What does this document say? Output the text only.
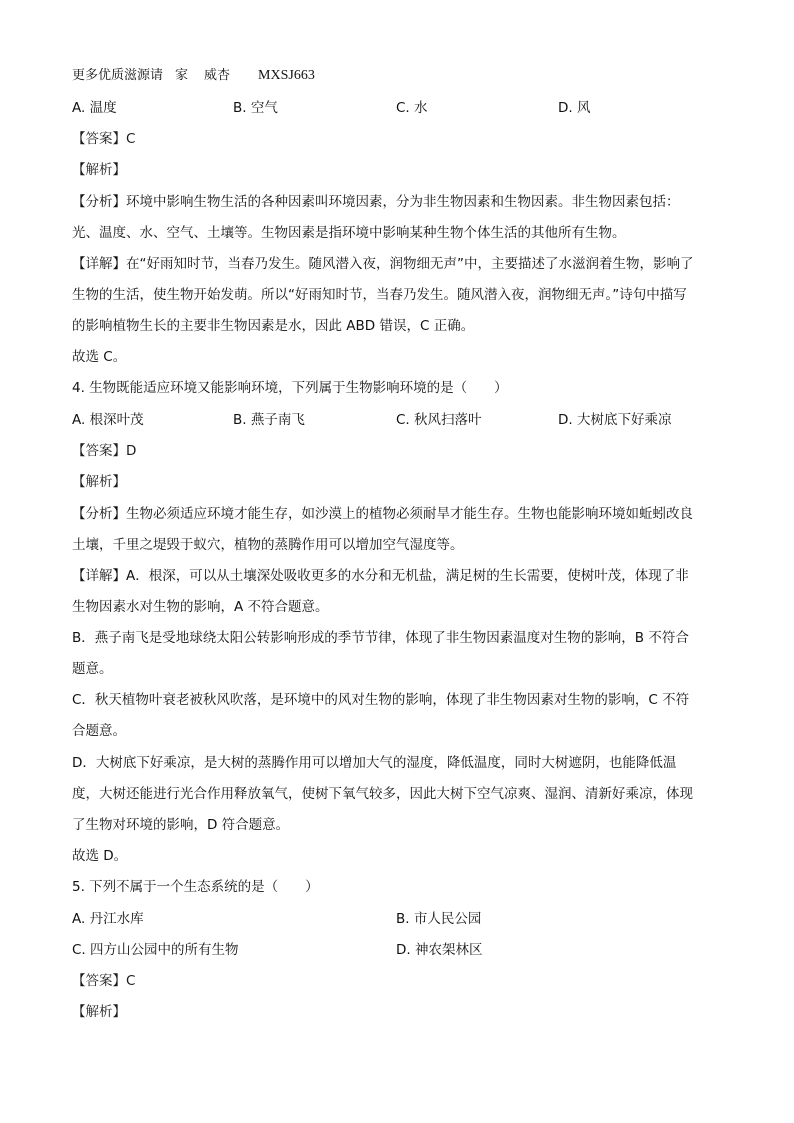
更多优质滋源请 家 威杏 MXSJ663
A. 温度	B. 空气	C. 水	D. 风
【答案】C
【解析】
【分析】环境中影响生物生活的各种因素叫环境因素，分为非生物因素和生物因素。非生物因素包括：
光、温度、水、空气、土壤等。生物因素是指环境中影响某种生物个体生活的其他所有生物。
【详解】在“好雨知时节，当春乃发生。随风潜入夜，润物细无声”中，主要描述了水滋润着生物，影响了
生物的生活，使生物开始发萌。所以“好雨知时节，当春乃发生。随风潜入夜，润物细无声。”诗句中描写
的影响植物生长的主要非生物因素是水，因此 ABD 错误，C 正确。
故选 C。
4. 生物既能适应环境又能影响环境，下列属于生物影响环境的是（　　）
A. 根深叶茂	B. 燕子南飞	C. 秋风扫落叶	D. 大树底下好乘凉
【答案】D
【解析】
【分析】生物必须适应环境才能生存，如沙漠上的植物必须耐旱才能生存。生物也能影响环境如蚯蚓改良
土壤，千里之堤毁于蚁穴，植物的蒸腾作用可以增加空气湿度等。
【详解】A．根深，可以从土壤深处吸收更多的水分和无机盐，满足树的生长需要，使树叶茂，体现了非
生物因素水对生物的影响，A 不符合题意。
B．燕子南飞是受地球绕太阳公转影响形成的季节节律，体现了非生物因素温度对生物的影响，B 不符合
题意。
C．秋天植物叶衰老被秋风吹落，是环境中的风对生物的影响，体现了非生物因素对生物的影响，C 不符
合题意。
D．大树底下好乘凉，是大树的蒸腾作用可以增加大气的湿度，降低温度，同时大树遮阴，也能降低温
度，大树还能进行光合作用释放氧气，使树下氧气较多，因此大树下空气凉爽、湿润、清新好乘凉，体现
了生物对环境的影响，D 符合题意。
故选 D。
5. 下列不属于一个生态系统的是（　　）
A. 丹江水库	B. 市人民公园
C. 四方山公园中的所有生物	D. 神农架林区
【答案】C
【解析】
